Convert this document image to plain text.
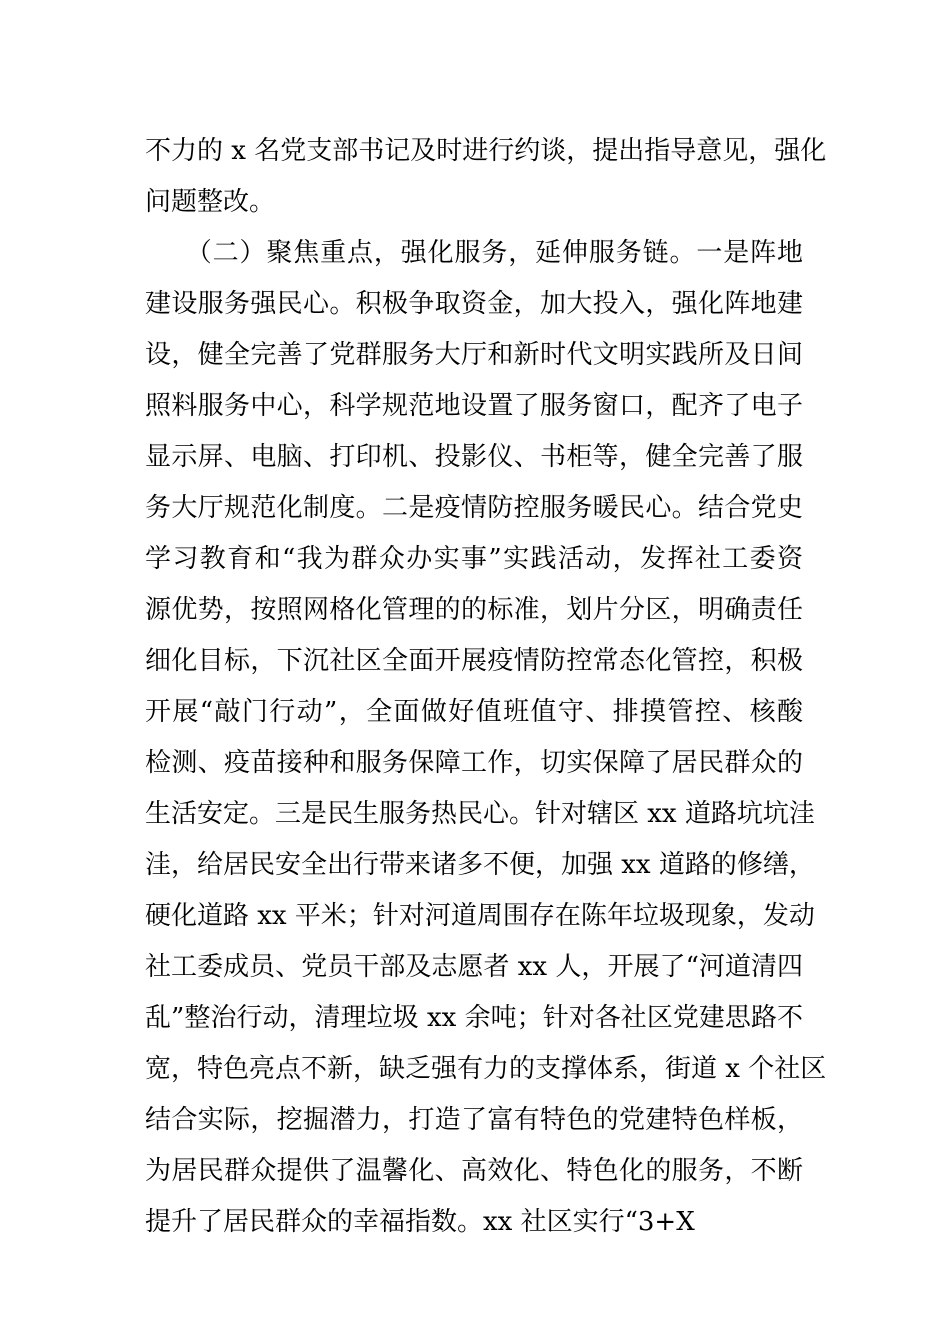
不力的 x 名党支部书记及时进行约谈，提出指导意见，强化
问题整改。
　　（二）聚焦重点，强化服务，延伸服务链。一是阵地
建设服务强民心。积极争取资金，加大投入，强化阵地建
设，健全完善了党群服务大厅和新时代文明实践所及日间
照料服务中心，科学规范地设置了服务窗口，配齐了电子
显示屏、电脑、打印机、投影仪、书柜等，健全完善了服
务大厅规范化制度。二是疫情防控服务暖民心。结合党史
学习教育和“我为群众办实事”实践活动，发挥社工委资
源优势，按照网格化管理的的标准，划片分区，明确责任
细化目标，下沉社区全面开展疫情防控常态化管控，积极
开展“敲门行动”，全面做好值班值守、排摸管控、核酸
检测、疫苗接种和服务保障工作，切实保障了居民群众的
生活安定。三是民生服务热民心。针对辖区 xx 道路坑坑洼
洼，给居民安全出行带来诸多不便，加强 xx 道路的修缮，
硬化道路 xx 平米；针对河道周围存在陈年垃圾现象，发动
社工委成员、党员干部及志愿者 xx 人，开展了“河道清四
乱”整治行动，清理垃圾 xx 余吨；针对各社区党建思路不
宽，特色亮点不新，缺乏强有力的支撑体系，街道 x 个社区
结合实际，挖掘潜力，打造了富有特色的党建特色样板，
为居民群众提供了温馨化、高效化、特色化的服务，不断
提升了居民群众的幸福指数。xx 社区实行“3+X
